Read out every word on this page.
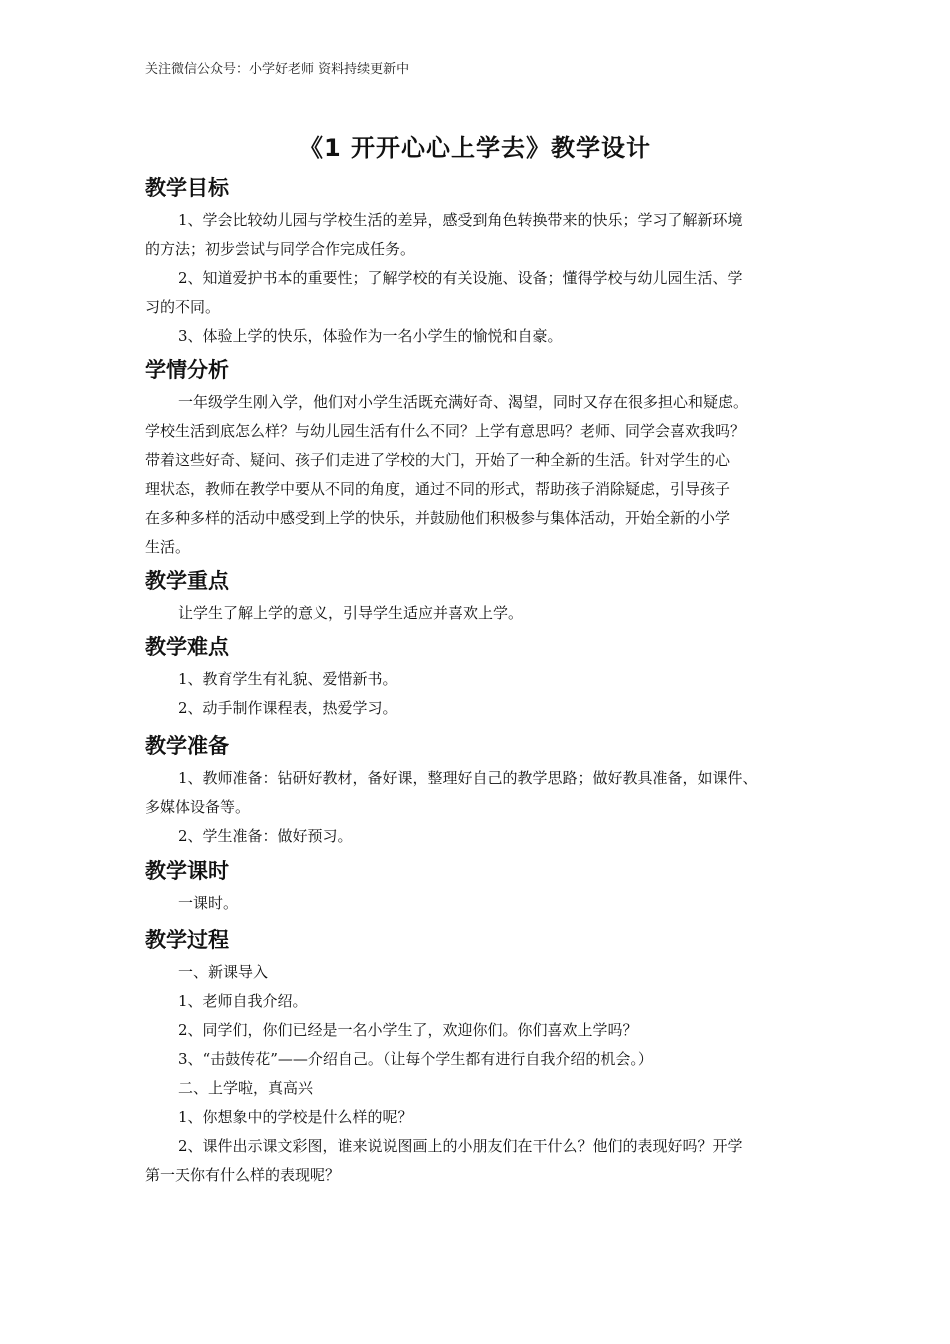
关注微信公众号：小学好老师 资料持续更新中
《1 开开心心上学去》教学设计
教学目标
1、学会比较幼儿园与学校生活的差异，感受到角色转换带来的快乐；学习了解新环境
的方法；初步尝试与同学合作完成任务。
2、知道爱护书本的重要性；了解学校的有关设施、设备；懂得学校与幼儿园生活、学
习的不同。
3、体验上学的快乐，体验作为一名小学生的愉悦和自豪。
学情分析
一年级学生刚入学，他们对小学生活既充满好奇、渴望，同时又存在很多担心和疑虑。
学校生活到底怎么样？与幼儿园生活有什么不同？上学有意思吗？老师、同学会喜欢我吗？
带着这些好奇、疑问、孩子们走进了学校的大门，开始了一种全新的生活。针对学生的心
理状态，教师在教学中要从不同的角度，通过不同的形式，帮助孩子消除疑虑，引导孩子
在多种多样的活动中感受到上学的快乐，并鼓励他们积极参与集体活动，开始全新的小学
生活。
教学重点
让学生了解上学的意义，引导学生适应并喜欢上学。
教学难点
1、教育学生有礼貌、爱惜新书。
2、动手制作课程表，热爱学习。
教学准备
1、教师准备：钻研好教材，备好课，整理好自己的教学思路；做好教具准备，如课件、
多媒体设备等。
2、学生准备：做好预习。
教学课时
一课时。
教学过程
一、新课导入
1、老师自我介绍。
2、同学们，你们已经是一名小学生了，欢迎你们。你们喜欢上学吗？
3、“击鼓传花”——介绍自己。（让每个学生都有进行自我介绍的机会。）
二、上学啦，真高兴
1、你想象中的学校是什么样的呢？
2、课件出示课文彩图，谁来说说图画上的小朋友们在干什么？他们的表现好吗？开学
第一天你有什么样的表现呢？
